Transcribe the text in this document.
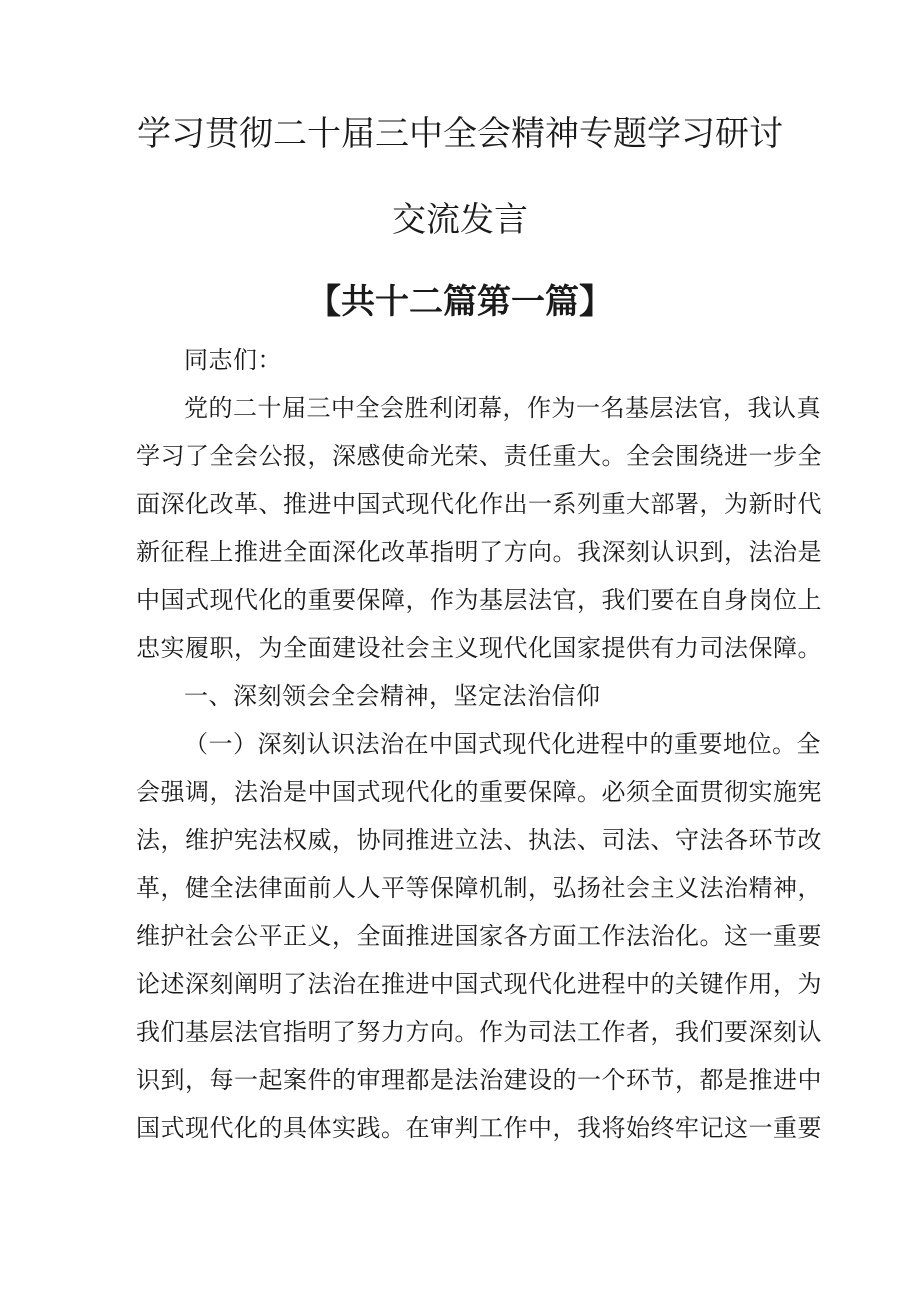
学习贯彻二十届三中全会精神专题学习研讨
交流发言
【共十二篇第一篇】
同志们：
党的二十届三中全会胜利闭幕，作为一名基层法官，我认真
学习了全会公报，深感使命光荣、责任重大。全会围绕进一步全
面深化改革、推进中国式现代化作出一系列重大部署，为新时代
新征程上推进全面深化改革指明了方向。我深刻认识到，法治是
中国式现代化的重要保障，作为基层法官，我们要在自身岗位上
忠实履职，为全面建设社会主义现代化国家提供有力司法保障。
一、深刻领会全会精神，坚定法治信仰
（一）深刻认识法治在中国式现代化进程中的重要地位。全
会强调，法治是中国式现代化的重要保障。必须全面贯彻实施宪
法，维护宪法权威，协同推进立法、执法、司法、守法各环节改
革，健全法律面前人人平等保障机制，弘扬社会主义法治精神，
维护社会公平正义，全面推进国家各方面工作法治化。这一重要
论述深刻阐明了法治在推进中国式现代化进程中的关键作用，为
我们基层法官指明了努力方向。作为司法工作者，我们要深刻认
识到，每一起案件的审理都是法治建设的一个环节，都是推进中
国式现代化的具体实践。在审判工作中，我将始终牢记这一重要
